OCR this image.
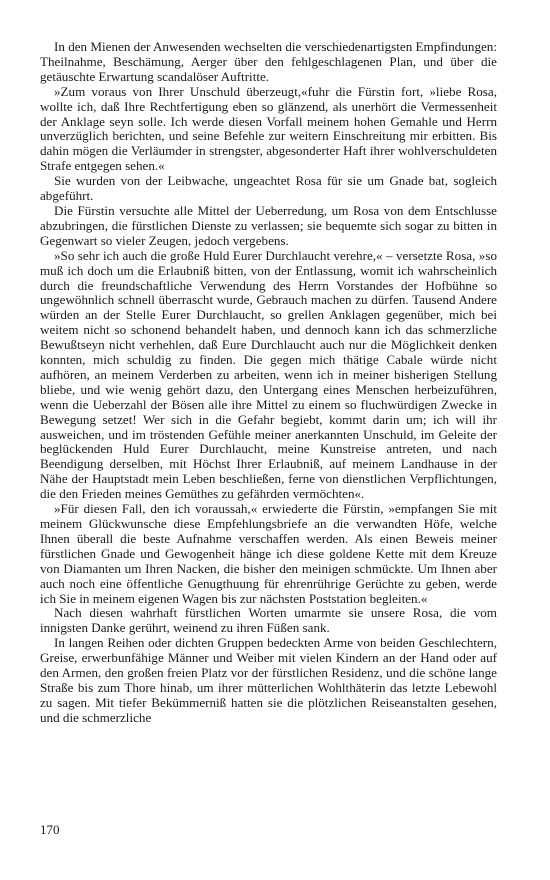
In den Mienen der Anwesenden wechselten die verschiedenartigsten Empfindungen: Theilnahme, Beschämung, Aerger über den fehlgeschlagenen Plan, und über die getäuschte Erwartung scandalöser Auftritte.

»Zum voraus von Ihrer Unschuld überzeugt,«fuhr die Fürstin fort, »liebe Rosa, wollte ich, daß Ihre Rechtfertigung eben so glänzend, als unerhört die Vermessenheit der Anklage seyn solle. Ich werde diesen Vorfall meinem hohen Gemahle und Herrn unverzüglich berichten, und seine Befehle zur weitern Einschreitung mir erbitten. Bis dahin mögen die Verläumder in strengster, abgesonderter Haft ihrer wohlverschuldeten Strafe entgegen sehen.«

Sie wurden von der Leibwache, ungeachtet Rosa für sie um Gnade bat, sogleich abgeführt.

Die Fürstin versuchte alle Mittel der Ueberredung, um Rosa von dem Entschlusse abzubringen, die fürstlichen Dienste zu verlassen; sie bequemte sich sogar zu bitten in Gegenwart so vieler Zeugen, jedoch vergebens.

»So sehr ich auch die große Huld Eurer Durchlaucht verehre,« – versetzte Rosa, »so muß ich doch um die Erlaubniß bitten, von der Entlassung, womit ich wahrscheinlich durch die freundschaftliche Verwendung des Herrn Vorstandes der Hofbühne so ungewöhnlich schnell überrascht wurde, Gebrauch machen zu dürfen. Tausend Andere würden an der Stelle Eurer Durchlaucht, so grellen Anklagen gegenüber, mich bei weitem nicht so schonend behandelt haben, und dennoch kann ich das schmerzliche Bewußtseyn nicht verhehlen, daß Eure Durchlaucht auch nur die Möglichkeit denken konnten, mich schuldig zu finden. Die gegen mich thätige Cabale würde nicht aufhören, an meinem Verderben zu arbeiten, wenn ich in meiner bisherigen Stellung bliebe, und wie wenig gehört dazu, den Untergang eines Menschen herbeizuführen, wenn die Ueberzahl der Bösen alle ihre Mittel zu einem so fluchwürdigen Zwecke in Bewegung setzet! Wer sich in die Gefahr begiebt, kommt darin um; ich will ihr ausweichen, und im tröstenden Gefühle meiner anerkannten Unschuld, im Geleite der beglückenden Huld Eurer Durchlaucht, meine Kunstreise antreten, und nach Beendigung derselben, mit Höchst Ihrer Erlaubniß, auf meinem Landhause in der Nähe der Hauptstadt mein Leben beschließen, ferne von dienstlichen Verpflichtungen, die den Frieden meines Gemüthes zu gefährden vermöchten«.

»Für diesen Fall, den ich voraussah,« erwiederte die Fürstin, »empfangen Sie mit meinem Glückwunsche diese Empfehlungsbriefe an die verwandten Höfe, welche Ihnen überall die beste Aufnahme verschaffen werden. Als einen Beweis meiner fürstlichen Gnade und Gewogenheit hänge ich diese goldene Kette mit dem Kreuze von Diamanten um Ihren Nacken, die bisher den meinigen schmückte. Um Ihnen aber auch noch eine öffentliche Genugthuung für ehrenrührige Gerüchte zu geben, werde ich Sie in meinem eigenen Wagen bis zur nächsten Poststation begleiten.«

Nach diesen wahrhaft fürstlichen Worten umarmte sie unsere Rosa, die vom innigsten Danke gerührt, weinend zu ihren Füßen sank.

In langen Reihen oder dichten Gruppen bedeckten Arme von beiden Geschlechtern, Greise, erwerbunfähige Männer und Weiber mit vielen Kindern an der Hand oder auf den Armen, den großen freien Platz vor der fürstlichen Residenz, und die schöne lange Straße bis zum Thore hinab, um ihrer mütterlichen Wohlthäterin das letzte Lebewohl zu sagen. Mit tiefer Bekümmerniß hatten sie die plötzlichen Reiseanstalten gesehen, und die schmerzliche

170
